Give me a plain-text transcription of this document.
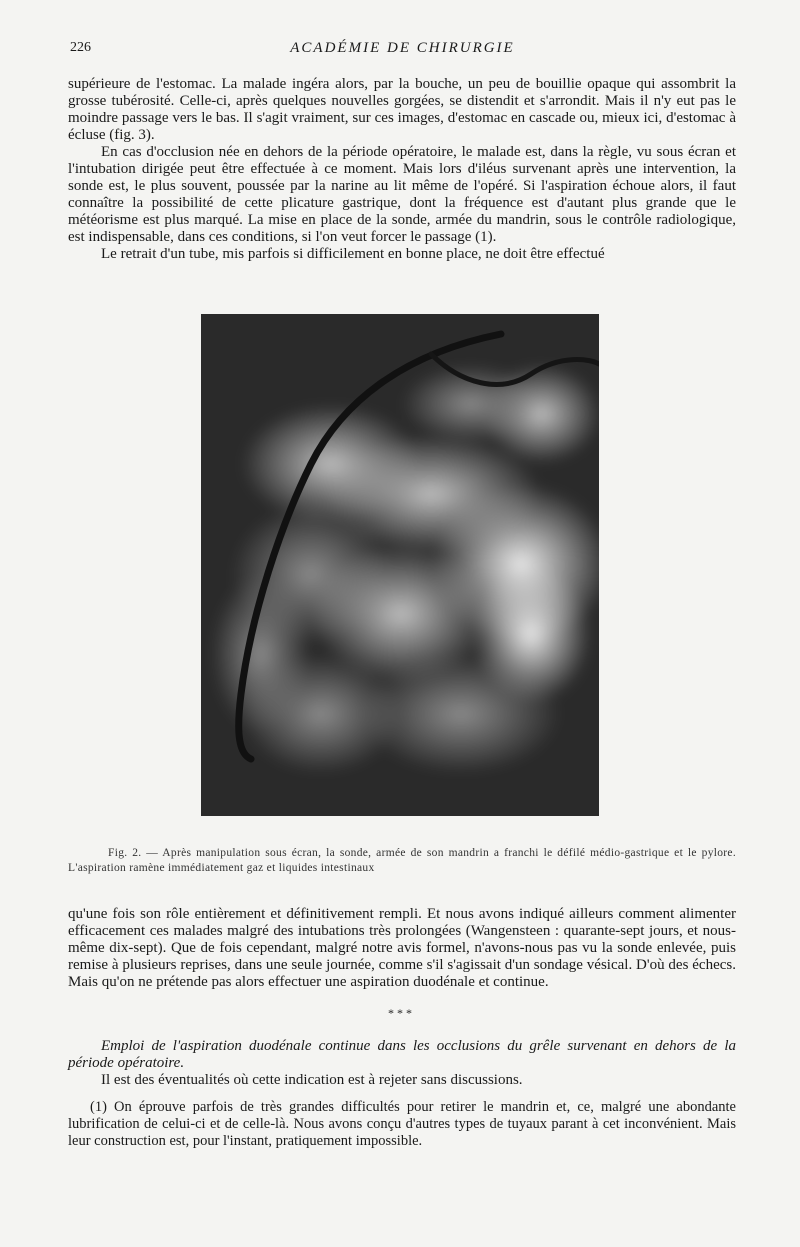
226	ACADÉMIE DE CHIRURGIE

supérieure de l'estomac. La malade ingéra alors, par la bouche, un peu de bouillie opaque qui assombrit la grosse tubérosité. Celle-ci, après quelques nouvelles gorgées, se distendit et s'arrondit. Mais il n'y eut pas le moindre passage vers le bas. Il s'agit vraiment, sur ces images, d'estomac en cascade ou, mieux ici, d'estomac à écluse (fig. 3).

En cas d'occlusion née en dehors de la période opératoire, le malade est, dans la règle, vu sous écran et l'intubation dirigée peut être effectuée à ce moment. Mais lors d'iléus survenant après une intervention, la sonde est, le plus souvent, poussée par la narine au lit même de l'opéré. Si l'aspiration échoue alors, il faut connaître la possibilité de cette plicature gastrique, dont la fréquence est d'autant plus grande que le météorisme est plus marqué. La mise en place de la sonde, armée du mandrin, sous le contrôle radiologique, est indispensable, dans ces conditions, si l'on veut forcer le passage (1).

Le retrait d'un tube, mis parfois si difficilement en bonne place, ne doit être effectué

Fig. 2. — Après manipulation sous écran, la sonde, armée de son mandrin a franchi le défilé médio-gastrique et le pylore. L'aspiration ramène immédiatement gaz et liquides intestinaux

qu'une fois son rôle entièrement et définitivement rempli. Et nous avons indiqué ailleurs comment alimenter efficacement ces malades malgré des intubations très prolongées (Wangensteen : quarante-sept jours, et nous-même dix-sept). Que de fois cependant, malgré notre avis formel, n'avons-nous pas vu la sonde enlevée, puis remise à plusieurs reprises, dans une seule journée, comme s'il s'agissait d'un sondage vésical. D'où des échecs. Mais qu'on ne prétende pas alors effectuer une aspiration duodénale et continue.

* * *

Emploi de l'aspiration duodénale continue dans les occlusions du grêle survenant en dehors de la période opératoire.

Il est des éventualités où cette indication est à rejeter sans discussions.

(1) On éprouve parfois de très grandes difficultés pour retirer le mandrin et, ce, malgré une abondante lubrification de celui-ci et de celle-là. Nous avons conçu d'autres types de tuyaux parant à cet inconvénient. Mais leur construction est, pour l'instant, pratiquement impossible.
